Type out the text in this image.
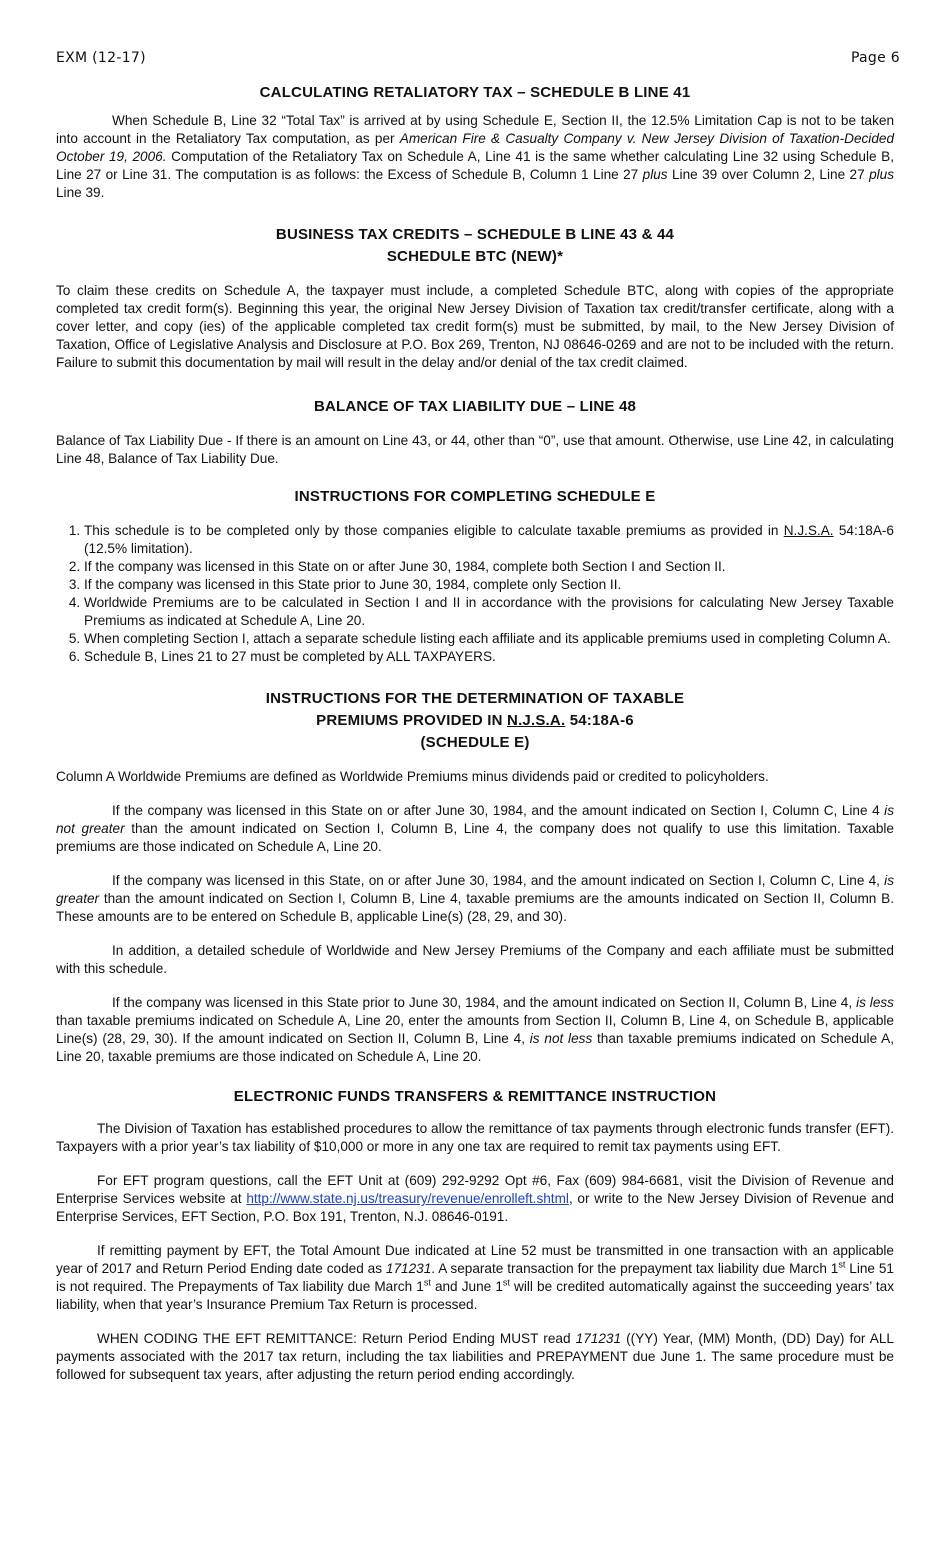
EXM (12-17)	Page 6
CALCULATING RETALIATORY TAX – SCHEDULE B LINE 41

When Schedule B, Line 32 “Total Tax” is arrived at by using Schedule E, Section II, the 12.5% Limitation Cap is not to be taken into account in the Retaliatory Tax computation, as per American Fire & Casualty Company v. New Jersey Division of Taxation-Decided October 19, 2006. Computation of the Retaliatory Tax on Schedule A, Line 41 is the same whether calculating Line 32 using Schedule B, Line 27 or Line 31. The computation is as follows: the Excess of Schedule B, Column 1 Line 27 plus Line 39 over Column 2, Line 27 plus Line 39.

BUSINESS TAX CREDITS – SCHEDULE B LINE 43 & 44
SCHEDULE BTC (NEW)*

To claim these credits on Schedule A, the taxpayer must include, a completed Schedule BTC, along with copies of the appropriate completed tax credit form(s). Beginning this year, the original New Jersey Division of Taxation tax credit/transfer certificate, along with a cover letter, and copy (ies) of the applicable completed tax credit form(s) must be submitted, by mail, to the New Jersey Division of Taxation, Office of Legislative Analysis and Disclosure at P.O. Box 269, Trenton, NJ 08646-0269 and are not to be included with the return. Failure to submit this documentation by mail will result in the delay and/or denial of the tax credit claimed.

BALANCE OF TAX LIABILITY DUE – LINE 48

Balance of Tax Liability Due - If there is an amount on Line 43, or 44, other than “0”, use that amount. Otherwise, use Line 42, in calculating Line 48, Balance of Tax Liability Due.

INSTRUCTIONS FOR COMPLETING SCHEDULE E
1. This schedule is to be completed only by those companies eligible to calculate taxable premiums as provided in N.J.S.A. 54:18A-6 (12.5% limitation).
2. If the company was licensed in this State on or after June 30, 1984, complete both Section I and Section II.
3. If the company was licensed in this State prior to June 30, 1984, complete only Section II.
4. Worldwide Premiums are to be calculated in Section I and II in accordance with the provisions for calculating New Jersey Taxable Premiums as indicated at Schedule A, Line 20.
5. When completing Section I, attach a separate schedule listing each affiliate and its applicable premiums used in completing Column A.
6. Schedule B, Lines 21 to 27 must be completed by ALL TAXPAYERS.
INSTRUCTIONS FOR THE DETERMINATION OF TAXABLE
PREMIUMS PROVIDED IN N.J.S.A. 54:18A-6
(SCHEDULE E)

Column A Worldwide Premiums are defined as Worldwide Premiums minus dividends paid or credited to policyholders.

If the company was licensed in this State on or after June 30, 1984, and the amount indicated on Section I, Column C, Line 4 is not greater than the amount indicated on Section I, Column B, Line 4, the company does not qualify to use this limitation. Taxable premiums are those indicated on Schedule A, Line 20.

If the company was licensed in this State, on or after June 30, 1984, and the amount indicated on Section I, Column C, Line 4, is greater than the amount indicated on Section I, Column B, Line 4, taxable premiums are the amounts indicated on Section II, Column B. These amounts are to be entered on Schedule B, applicable Line(s) (28, 29, and 30).

In addition, a detailed schedule of Worldwide and New Jersey Premiums of the Company and each affiliate must be submitted with this schedule.

If the company was licensed in this State prior to June 30, 1984, and the amount indicated on Section II, Column B, Line 4, is less than taxable premiums indicated on Schedule A, Line 20, enter the amounts from Section II, Column B, Line 4, on Schedule B, applicable Line(s) (28, 29, 30). If the amount indicated on Section II, Column B, Line 4, is not less than taxable premiums indicated on Schedule A, Line 20, taxable premiums are those indicated on Schedule A, Line 20.

ELECTRONIC FUNDS TRANSFERS & REMITTANCE INSTRUCTION

The Division of Taxation has established procedures to allow the remittance of tax payments through electronic funds transfer (EFT). Taxpayers with a prior year’s tax liability of $10,000 or more in any one tax are required to remit tax payments using EFT.

For EFT program questions, call the EFT Unit at (609) 292-9292 Opt #6, Fax (609) 984-6681, visit the Division of Revenue and Enterprise Services website at http://www.state.nj.us/treasury/revenue/enrolleft.shtml, or write to the New Jersey Division of Revenue and Enterprise Services, EFT Section, P.O. Box 191, Trenton, N.J. 08646-0191.

If remitting payment by EFT, the Total Amount Due indicated at Line 52 must be transmitted in one transaction with an applicable year of 2017 and Return Period Ending date coded as 171231. A separate transaction for the prepayment tax liability due March 1st Line 51 is not required. The Prepayments of Tax liability due March 1st and June 1st will be credited automatically against the succeeding years’ tax liability, when that year’s Insurance Premium Tax Return is processed.

WHEN CODING THE EFT REMITTANCE: Return Period Ending MUST read 171231 ((YY) Year, (MM) Month, (DD) Day) for ALL payments associated with the 2017 tax return, including the tax liabilities and PREPAYMENT due June 1. The same procedure must be followed for subsequent tax years, after adjusting the return period ending accordingly.
